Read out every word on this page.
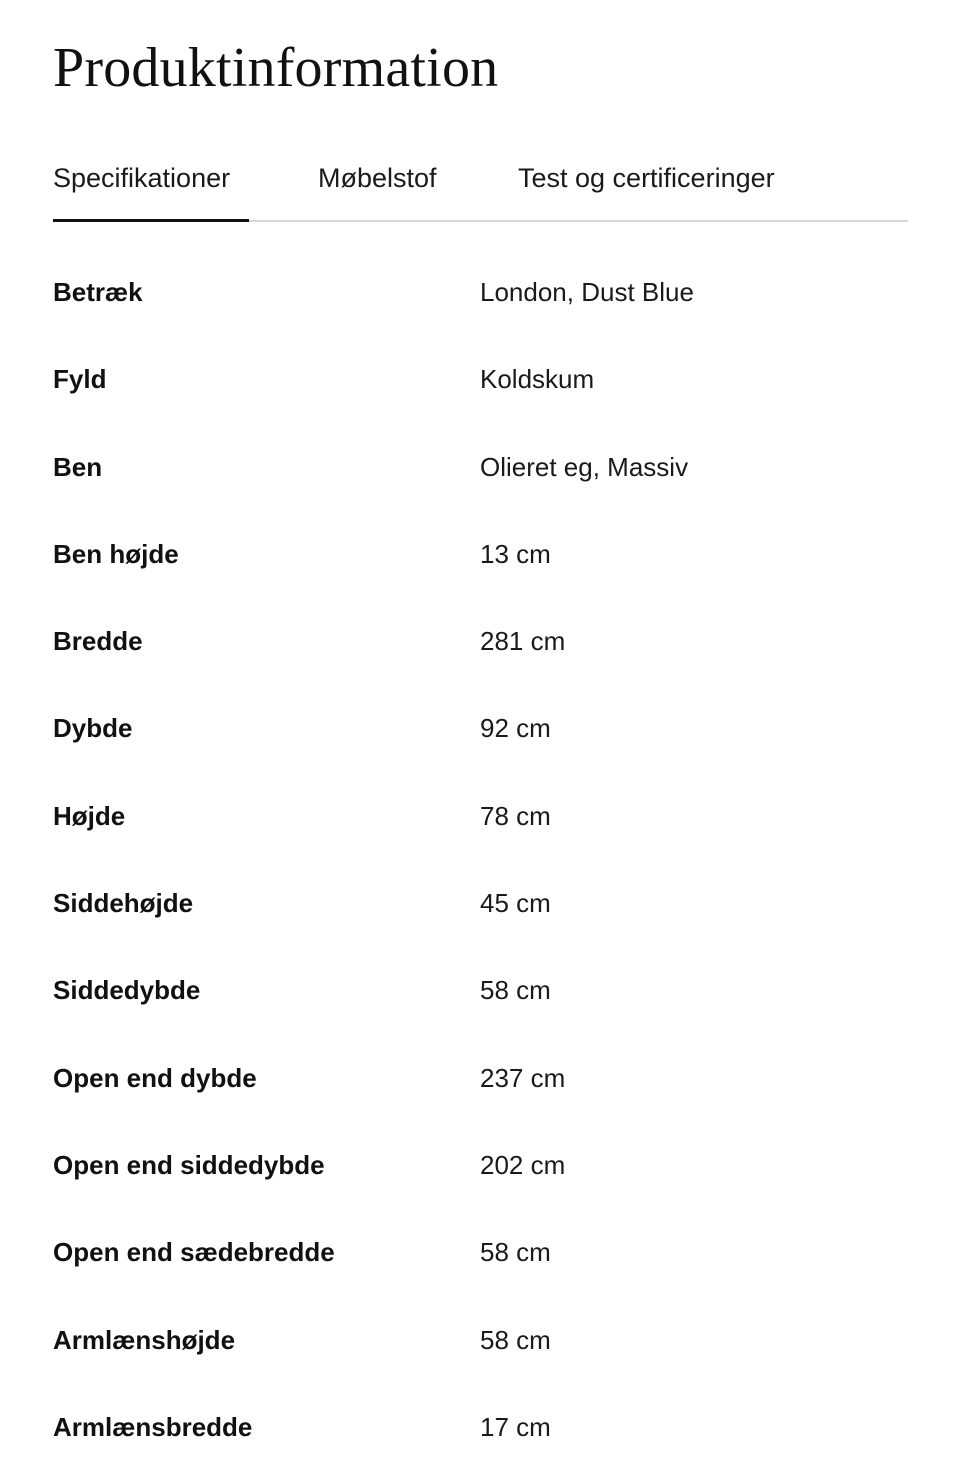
Produktinformation
Specifikationer	Møbelstof	Test og certificeringer
Betræk	London, Dust Blue
Fyld	Koldskum
Ben	Olieret eg, Massiv
Ben højde	13 cm
Bredde	281 cm
Dybde	92 cm
Højde	78 cm
Siddehøjde	45 cm
Siddedybde	58 cm
Open end dybde	237 cm
Open end siddedybde	202 cm
Open end sædebredde	58 cm
Armlænshøjde	58 cm
Armlænsbredde	17 cm
